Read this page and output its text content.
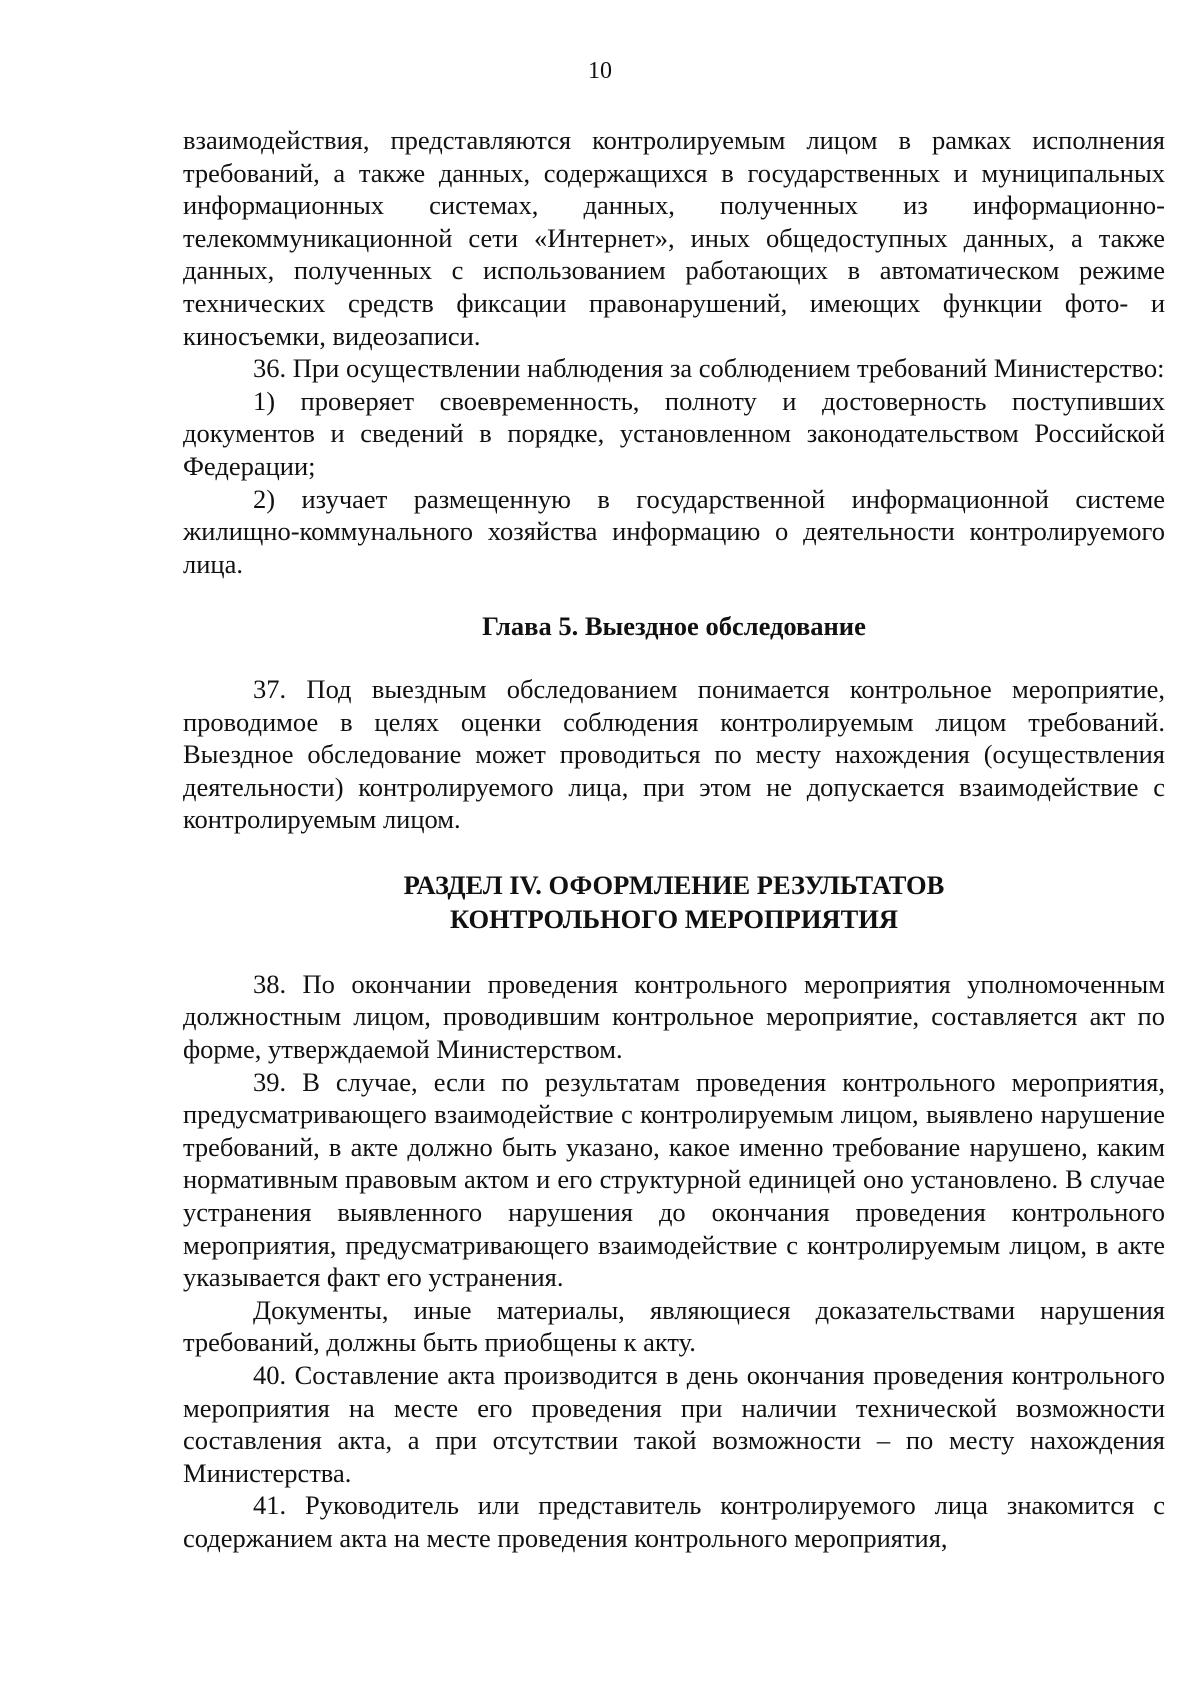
10

взаимодействия, представляются контролируемым лицом в рамках исполнения требований, а также данных, содержащихся в государственных и муниципальных информационных системах, данных, полученных из информационно-телекоммуникационной сети «Интернет», иных общедоступных данных, а также данных, полученных с использованием работающих в автоматическом режиме технических средств фиксации правонарушений, имеющих функции фото- и киносъемки, видеозаписи.

36. При осуществлении наблюдения за соблюдением требований Министерство:

1) проверяет своевременность, полноту и достоверность поступивших документов и сведений в порядке, установленном законодательством Российской Федерации;

2) изучает размещенную в государственной информационной системе жилищно-коммунального хозяйства информацию о деятельности контролируемого лица.

Глава 5. Выездное обследование

37. Под выездным обследованием понимается контрольное мероприятие, проводимое в целях оценки соблюдения контролируемым лицом требований. Выездное обследование может проводиться по месту нахождения (осуществления деятельности) контролируемого лица, при этом не допускается взаимодействие с контролируемым лицом.

РАЗДЕЛ IV. ОФОРМЛЕНИЕ РЕЗУЛЬТАТОВ
КОНТРОЛЬНОГО МЕРОПРИЯТИЯ

38. По окончании проведения контрольного мероприятия уполномоченным должностным лицом, проводившим контрольное мероприятие, составляется акт по форме, утверждаемой Министерством.

39. В случае, если по результатам проведения контрольного мероприятия, предусматривающего взаимодействие с контролируемым лицом, выявлено нарушение требований, в акте должно быть указано, какое именно требование нарушено, каким нормативным правовым актом и его структурной единицей оно установлено. В случае устранения выявленного нарушения до окончания проведения контрольного мероприятия, предусматривающего взаимодействие с контролируемым лицом, в акте указывается факт его устранения.

Документы, иные материалы, являющиеся доказательствами нарушения требований, должны быть приобщены к акту.

40. Составление акта производится в день окончания проведения контрольного мероприятия на месте его проведения при наличии технической возможности составления акта, а при отсутствии такой возможности – по месту нахождения Министерства.

41. Руководитель или представитель контролируемого лица знакомится с содержанием акта на месте проведения контрольного мероприятия,
